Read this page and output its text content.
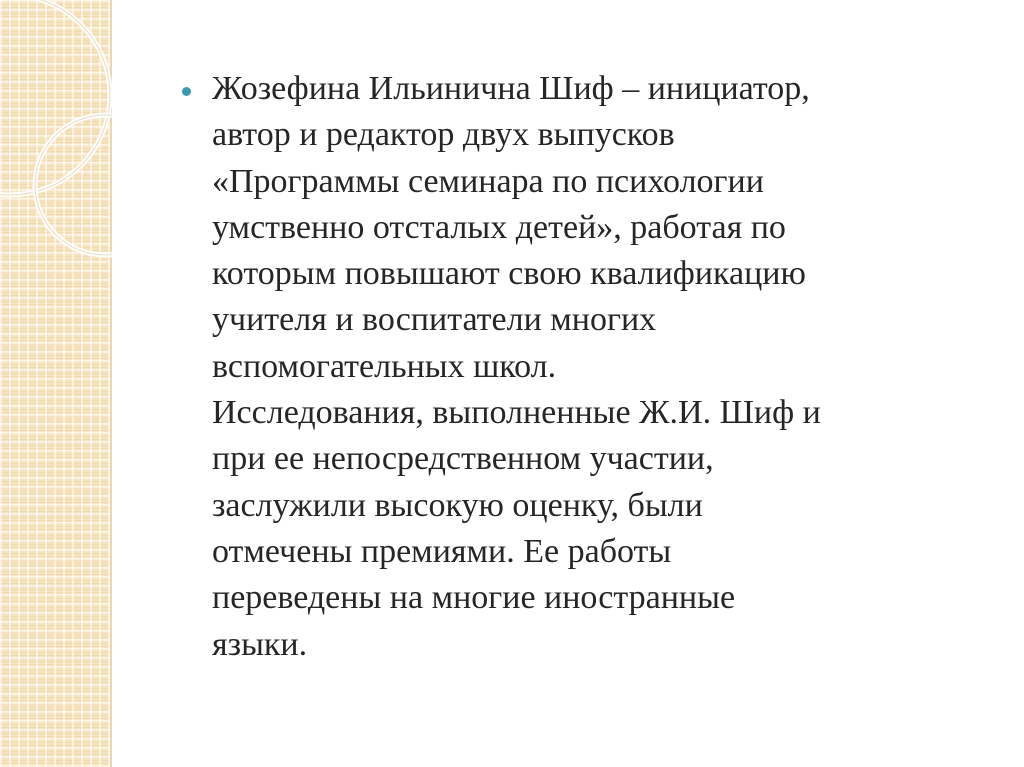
Жозефина Ильинична Шиф – инициатор,
автор и редактор двух выпусков
«Программы семинара по психологии
умственно отсталых детей», работая по
которым повышают свою квалификацию
учителя и воспитатели многих
вспомогательных школ.
Исследования, выполненные Ж.И. Шиф и
при ее непосредственном участии,
заслужили высокую оценку, были
отмечены премиями. Ее работы
переведены на многие иностранные
языки.
